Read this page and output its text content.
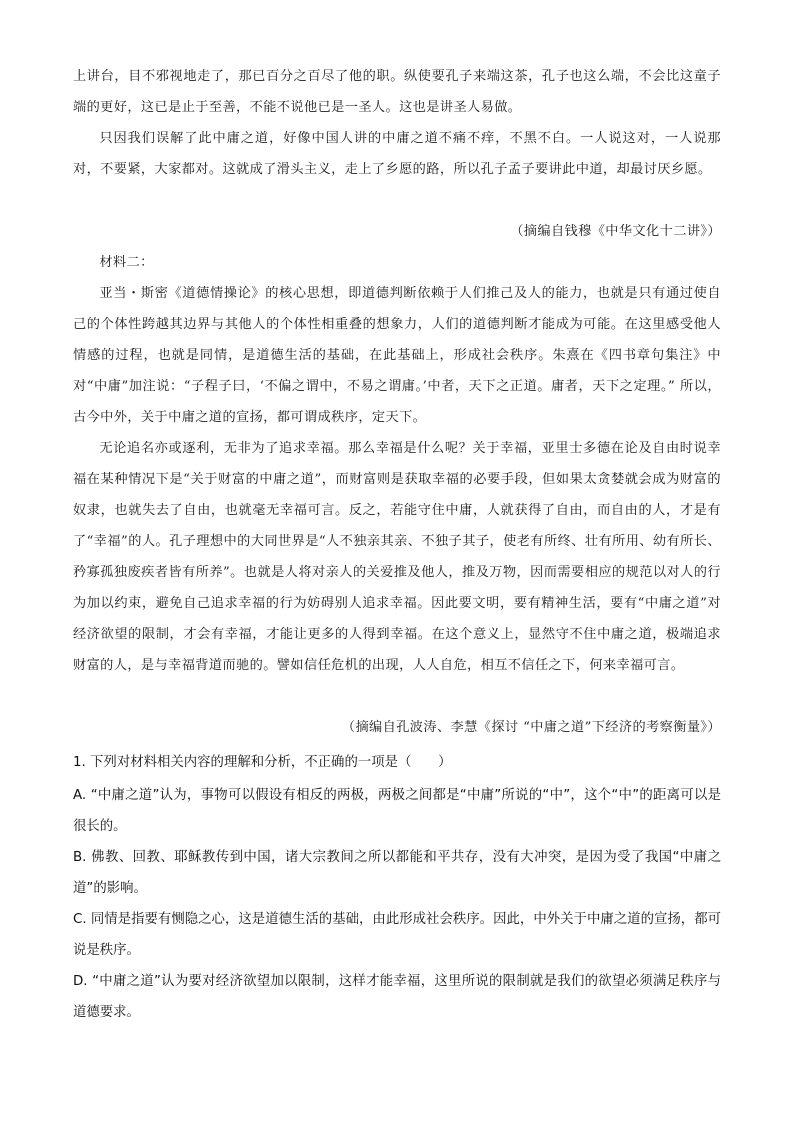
上讲台，目不邪视地走了，那已百分之百尽了他的职。纵使要孔子来端这茶，孔子也这么端，不会比这童子端的更好，这已是止于至善，不能不说他已是一圣人。这也是讲圣人易做。
只因我们误解了此中庸之道，好像中国人讲的中庸之道不痛不痒，不黑不白。一人说这对，一人说那对，不要紧，大家都对。这就成了滑头主义，走上了乡愿的路，所以孔子孟子要讲此中道，却最讨厌乡愿。
（摘编自钱穆《中华文化十二讲》）
材料二：
亚当・斯密《道德情操论》的核心思想，即道德判断依赖于人们推己及人的能力，也就是只有通过使自己的个体性跨越其边界与其他人的个体性相重叠的想象力，人们的道德判断才能成为可能。在这里感受他人情感的过程，也就是同情，是道德生活的基础，在此基础上，形成社会秩序。朱熹在《四书章句集注》中对“中庸”加注说：“子程子曰，‘不偏之谓中，不易之谓庸。’中者，天下之正道。庸者，天下之定理。” 所以，古今中外，关于中庸之道的宣扬，都可谓成秩序，定天下。
无论追名亦或逐利，无非为了追求幸福。那么幸福是什么呢？关于幸福，亚里士多德在论及自由时说幸福在某种情况下是“关于财富的中庸之道”，而财富则是获取幸福的必要手段，但如果太贪婪就会成为财富的奴隶，也就失去了自由，也就毫无幸福可言。反之，若能守住中庸，人就获得了自由，而自由的人，才是有了“幸福”的人。孔子理想中的大同世界是“人不独亲其亲、不独子其子，使老有所终、壮有所用、幼有所长、矜寡孤独废疾者皆有所养”。也就是人将对亲人的关爱推及他人，推及万物，因而需要相应的规范以对人的行为加以约束，避免自己追求幸福的行为妨碍别人追求幸福。因此要文明，要有精神生活，要有“中庸之道”对经济欲望的限制，才会有幸福，才能让更多的人得到幸福。在这个意义上，显然守不住中庸之道，极端追求财富的人，是与幸福背道而驰的。譬如信任危机的出现，人人自危，相互不信任之下，何来幸福可言。
（摘编自孔波涛、李慧《探讨 “中庸之道”下经济的考察衡量》）
1. 下列对材料相关内容的理解和分析，不正确的一项是（　　）
A. “中庸之道”认为，事物可以假设有相反的两极，两极之间都是“中庸”所说的“中”，这个“中”的距离可以是很长的。
B. 佛教、回教、耶稣教传到中国，诸大宗教间之所以都能和平共存，没有大冲突，是因为受了我国“中庸之道”的影响。
C. 同情是指要有恻隐之心，这是道德生活的基础，由此形成社会秩序。因此，中外关于中庸之道的宣扬，都可说是秩序。
D. “中庸之道”认为要对经济欲望加以限制，这样才能幸福，这里所说的限制就是我们的欲望必须满足秩序与道德要求。
